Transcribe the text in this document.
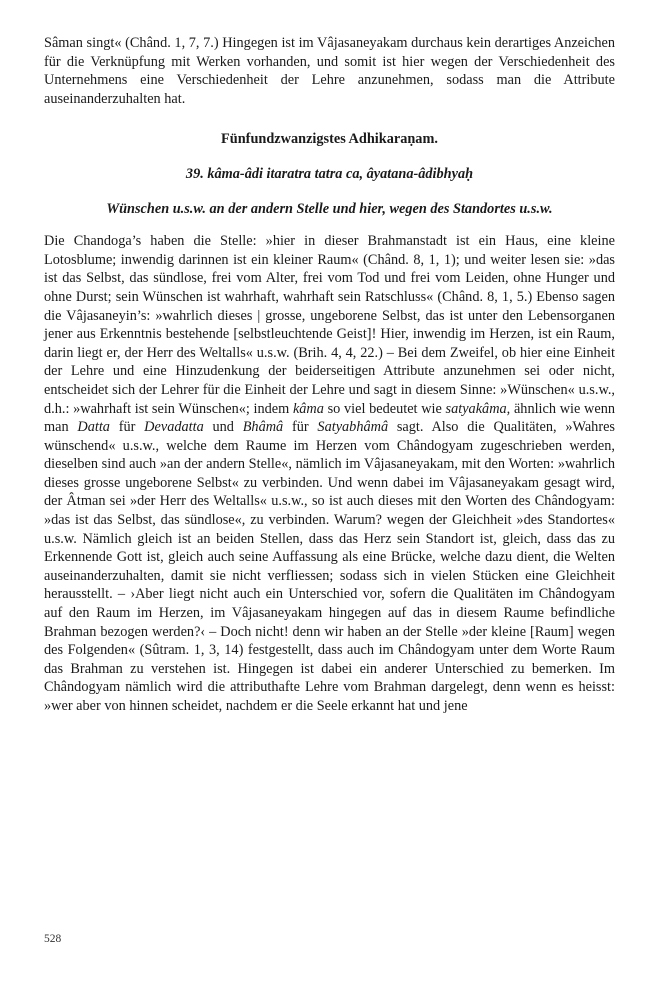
Sâman singt« (Chând. 1, 7, 7.) Hingegen ist im Vâjasaneyakam durchaus kein derartiges Anzeichen für die Verknüpfung mit Werken vorhanden, und somit ist hier wegen der Verschiedenheit des Unternehmens eine Verschiedenheit der Lehre anzunehmen, sodass man die Attribute auseinanderzuhalten hat.

Fünfundzwanzigstes Adhikaraṇam.
39. kâma-âdi itaratra tatra ca, âyatana-âdibhyaḥ
Wünschen u.s.w. an der andern Stelle und hier, wegen des Standortes u.s.w.

Die Chandoga’s haben die Stelle: »hier in dieser Brahmanstadt ist ein Haus, eine kleine Lotosblume; inwendig darinnen ist ein kleiner Raum« (Chând. 8, 1, 1); und weiter lesen sie: »das ist das Selbst, das sündlose, frei vom Alter, frei vom Tod und frei vom Leiden, ohne Hunger und ohne Durst; sein Wünschen ist wahrhaft, wahrhaft sein Ratschluss« (Chând. 8, 1, 5.) Ebenso sagen die Vâjasaneyin’s: »wahrlich dieses | grosse, ungeborene Selbst, das ist unter den Lebensorganen jener aus Erkenntnis bestehende [selbstleuchtende Geist]! Hier, inwendig im Herzen, ist ein Raum, darin liegt er, der Herr des Weltalls« u.s.w. (Brih. 4, 4, 22.) – Bei dem Zweifel, ob hier eine Einheit der Lehre und eine Hinzudenkung der beiderseitigen Attribute anzunehmen sei oder nicht, entscheidet sich der Lehrer für die Einheit der Lehre und sagt in diesem Sinne: »Wünschen« u.s.w., d.h.: »wahrhaft ist sein Wünschen«; indem kâma so viel bedeutet wie satyakâma, ähnlich wie wenn man Datta für Devadatta und Bhâmâ für Satyabhâmâ sagt. Also die Qualitäten, »Wahres wünschend« u.s.w., welche dem Raume im Herzen vom Chândogyam zugeschrieben werden, dieselben sind auch »an der andern Stelle«, nämlich im Vâjasaneyakam, mit den Worten: »wahrlich dieses grosse ungeborene Selbst« zu verbinden. Und wenn dabei im Vâjasaneyakam gesagt wird, der Âtman sei »der Herr des Weltalls« u.s.w., so ist auch dieses mit den Worten des Chândogyam: »das ist das Selbst, das sündlose«, zu verbinden. Warum? wegen der Gleichheit »des Standortes« u.s.w. Nämlich gleich ist an beiden Stellen, dass das Herz sein Standort ist, gleich, dass das zu Erkennende Gott ist, gleich auch seine Auffassung als eine Brücke, welche dazu dient, die Welten auseinanderzuhalten, damit sie nicht verfliessen; sodass sich in vielen Stücken eine Gleichheit herausstellt. – ›Aber liegt nicht auch ein Unterschied vor, sofern die Qualitäten im Chândogyam auf den Raum im Herzen, im Vâjasaneyakam hingegen auf das in diesem Raume befindliche Brahman bezogen werden?‹ – Doch nicht! denn wir haben an der Stelle »der kleine [Raum] wegen des Folgenden« (Sûtram. 1, 3, 14) festgestellt, dass auch im Chândogyam unter dem Worte Raum das Brahman zu verstehen ist. Hingegen ist dabei ein anderer Unterschied zu bemerken. Im Chândogyam nämlich wird die attributhafte Lehre vom Brahman dargelegt, denn wenn es heisst: »wer aber von hinnen scheidet, nachdem er die Seele erkannt hat und jene

528
